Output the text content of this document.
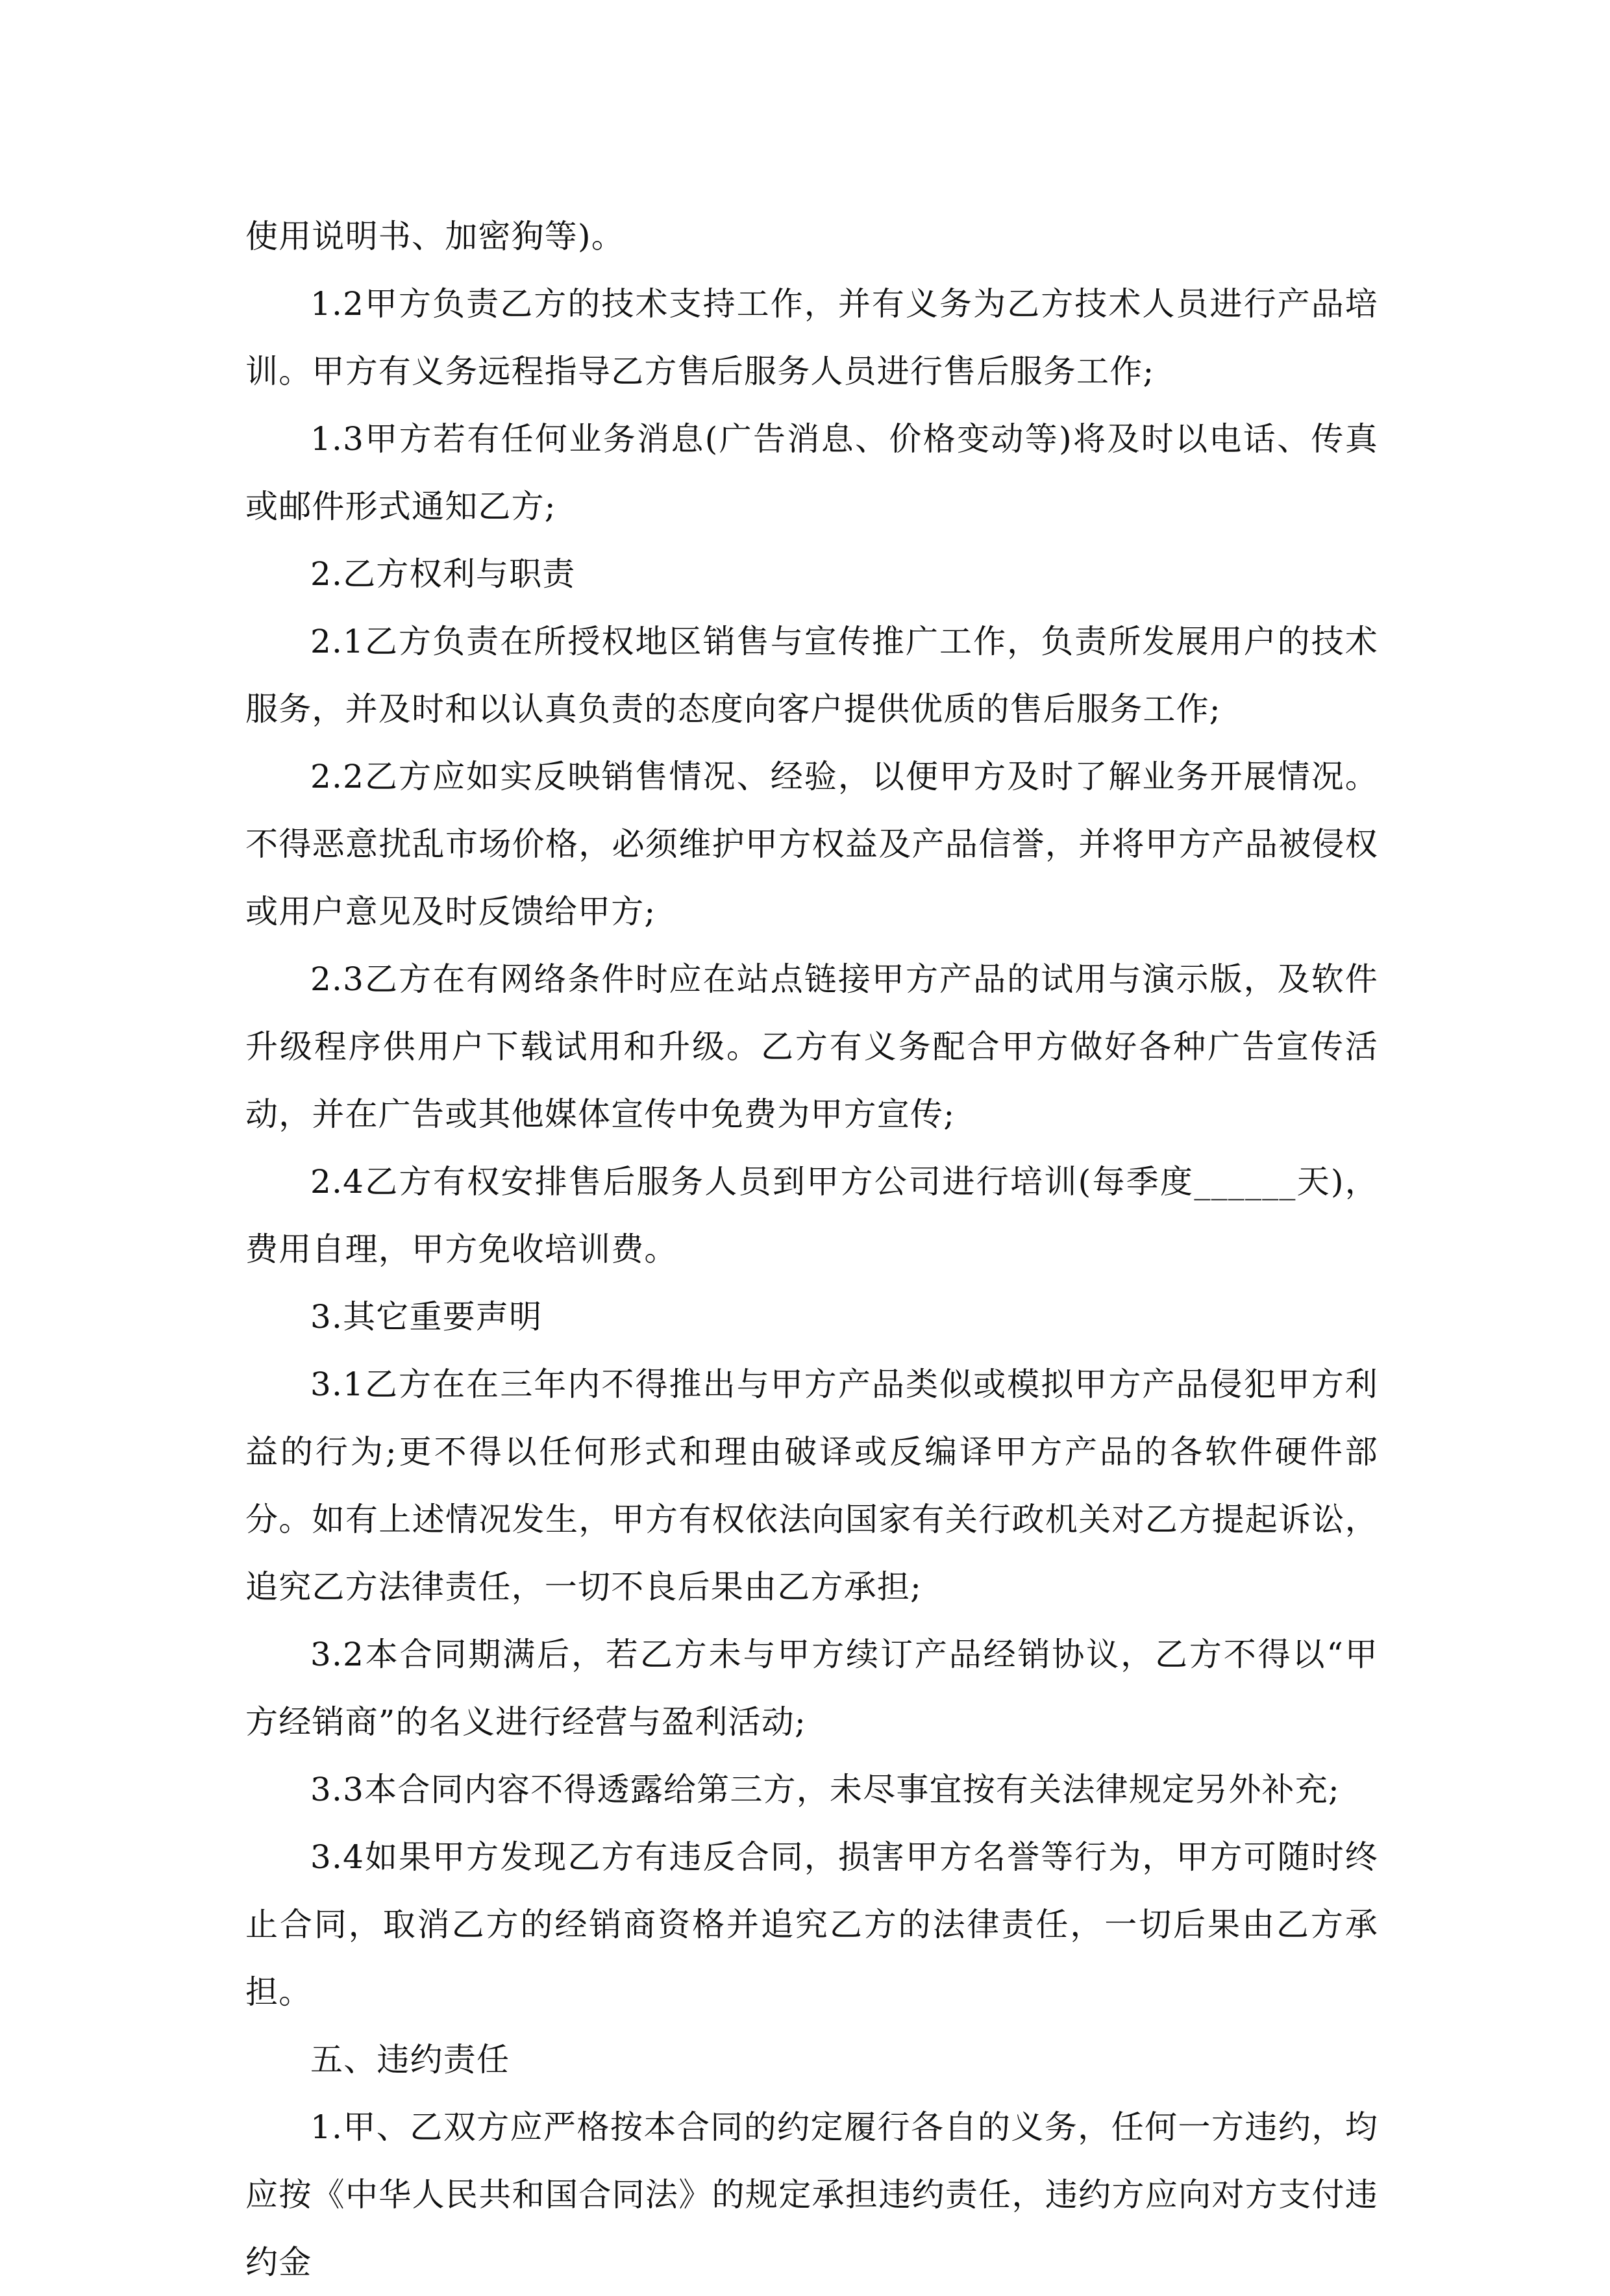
使用说明书、加密狗等)。

1.2甲方负责乙方的技术支持工作，并有义务为乙方技术人员进行产品培训。甲方有义务远程指导乙方售后服务人员进行售后服务工作;

1.3甲方若有任何业务消息(广告消息、价格变动等)将及时以电话、传真或邮件形式通知乙方;

2.乙方权利与职责

2.1乙方负责在所授权地区销售与宣传推广工作，负责所发展用户的技术服务，并及时和以认真负责的态度向客户提供优质的售后服务工作;

2.2乙方应如实反映销售情况、经验，以便甲方及时了解业务开展情况。不得恶意扰乱市场价格，必须维护甲方权益及产品信誉，并将甲方产品被侵权或用户意见及时反馈给甲方;

2.3乙方在有网络条件时应在站点链接甲方产品的试用与演示版，及软件升级程序供用户下载试用和升级。乙方有义务配合甲方做好各种广告宣传活动，并在广告或其他媒体宣传中免费为甲方宣传;

2.4乙方有权安排售后服务人员到甲方公司进行培训(每季度______天)，费用自理，甲方免收培训费。

3.其它重要声明

3.1乙方在在三年内不得推出与甲方产品类似或模拟甲方产品侵犯甲方利益的行为;更不得以任何形式和理由破译或反编译甲方产品的各软件硬件部分。如有上述情况发生，甲方有权依法向国家有关行政机关对乙方提起诉讼，追究乙方法律责任，一切不良后果由乙方承担;

3.2本合同期满后，若乙方未与甲方续订产品经销协议，乙方不得以“甲方经销商”的名义进行经营与盈利活动;

3.3本合同内容不得透露给第三方，未尽事宜按有关法律规定另外补充;

3.4如果甲方发现乙方有违反合同，损害甲方名誉等行为，甲方可随时终止合同，取消乙方的经销商资格并追究乙方的法律责任，一切后果由乙方承担。

五、违约责任

1.甲、乙双方应严格按本合同的约定履行各自的义务，任何一方违约，均应按《中华人民共和国合同法》的规定承担违约责任，违约方应向对方支付违约金
